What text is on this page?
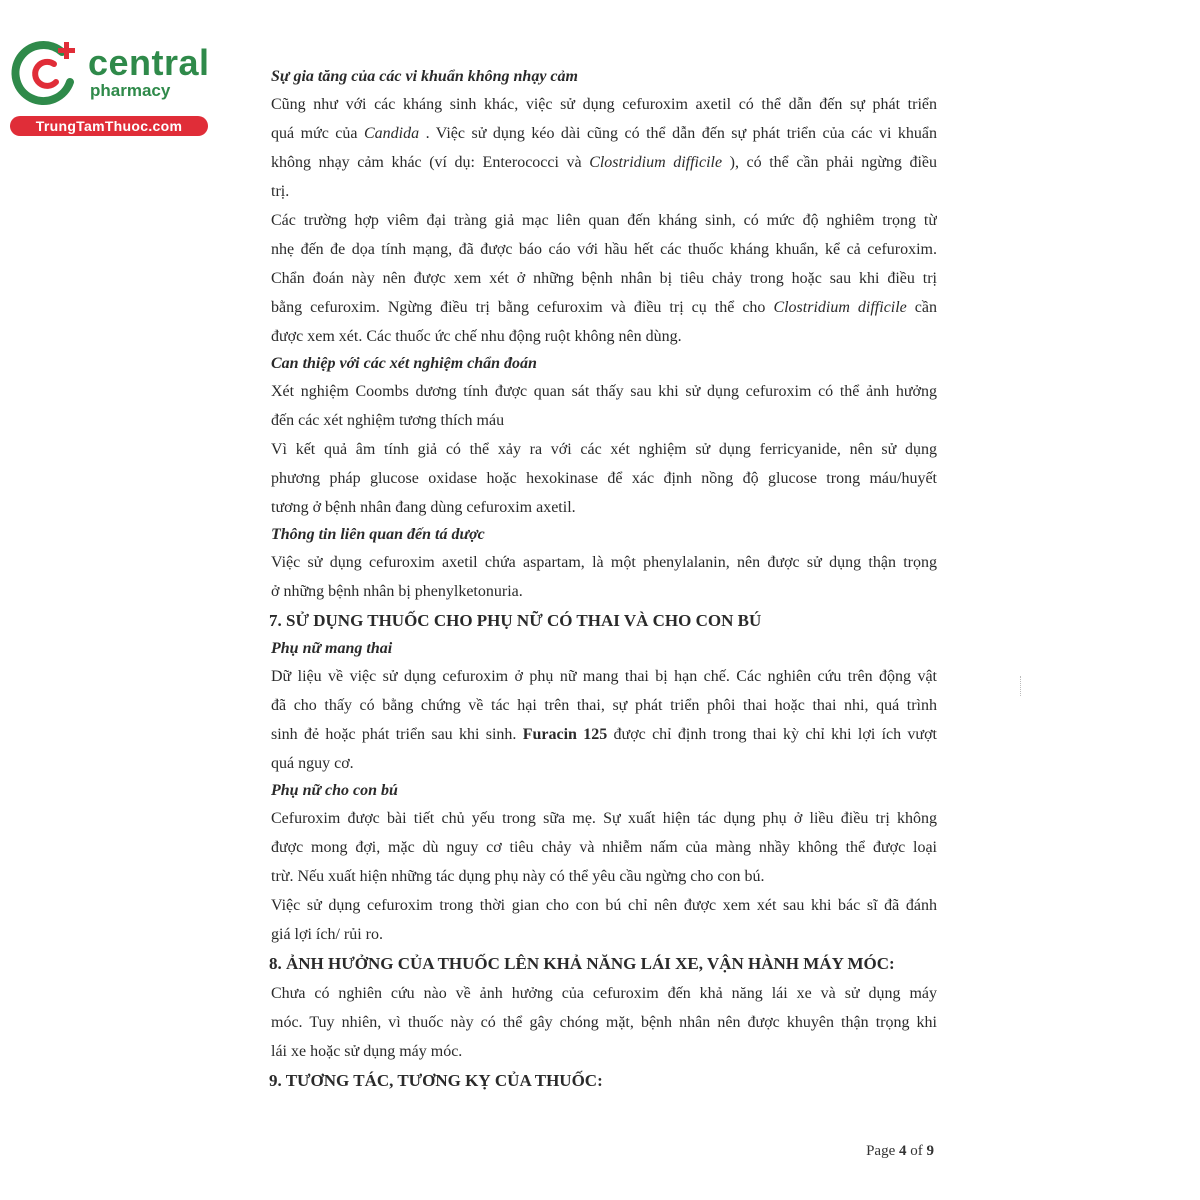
central
pharmacy
TrungTamThuoc.com
Sự gia tăng của các vi khuẩn không nhạy cảm
Cũng như với các kháng sinh khác, việc sử dụng cefuroxim axetil có thể dẫn đến sự phát triển
quá mức của Candida . Việc sử dụng kéo dài cũng có thể dẫn đến sự phát triển của các vi khuẩn
không nhạy cảm khác (ví dụ: Enterococci và Clostridium difficile ), có thể cần phải ngừng điều
trị.
Các trường hợp viêm đại tràng giả mạc liên quan đến kháng sinh, có mức độ nghiêm trọng từ
nhẹ đến đe dọa tính mạng, đã được báo cáo với hầu hết các thuốc kháng khuẩn, kể cả cefuroxim.
Chẩn đoán này nên được xem xét ở những bệnh nhân bị tiêu chảy trong hoặc sau khi điều trị
bằng cefuroxim. Ngừng điều trị bằng cefuroxim và điều trị cụ thể cho Clostridium difficile cần
được xem xét. Các thuốc ức chế nhu động ruột không nên dùng.
Can thiệp với các xét nghiệm chẩn đoán
Xét nghiệm Coombs dương tính được quan sát thấy sau khi sử dụng cefuroxim có thể ảnh hưởng
đến các xét nghiệm tương thích máu
Vì kết quả âm tính giả có thể xảy ra với các xét nghiệm sử dụng ferricyanide, nên sử dụng
phương pháp glucose oxidase hoặc hexokinase để xác định nồng độ glucose trong máu/huyết
tương ở bệnh nhân đang dùng cefuroxim axetil.
Thông tin liên quan đến tá dược
Việc sử dụng cefuroxim axetil chứa aspartam, là một phenylalanin, nên được sử dụng thận trọng
ở những bệnh nhân bị phenylketonuria.
7. SỬ DỤNG THUỐC CHO PHỤ NỮ CÓ THAI VÀ CHO CON BÚ
Phụ nữ mang thai
Dữ liệu về việc sử dụng cefuroxim ở phụ nữ mang thai bị hạn chế. Các nghiên cứu trên động vật
đã cho thấy có bằng chứng về tác hại trên thai, sự phát triển phôi thai hoặc thai nhi, quá trình
sinh đẻ hoặc phát triển sau khi sinh. Furacin 125 được chỉ định trong thai kỳ chỉ khi lợi ích vượt
quá nguy cơ.
Phụ nữ cho con bú
Cefuroxim được bài tiết chủ yếu trong sữa mẹ. Sự xuất hiện tác dụng phụ ở liều điều trị không
được mong đợi, mặc dù nguy cơ tiêu chảy và nhiễm nấm của màng nhầy không thể được loại
trừ. Nếu xuất hiện những tác dụng phụ này có thể yêu cầu ngừng cho con bú.
Việc sử dụng cefuroxim trong thời gian cho con bú chỉ nên được xem xét sau khi bác sĩ đã đánh
giá lợi ích/ rủi ro.
8. ẢNH HƯỞNG CỦA THUỐC LÊN KHẢ NĂNG LÁI XE, VẬN HÀNH MÁY MÓC:
Chưa có nghiên cứu nào về ảnh hưởng của cefuroxim đến khả năng lái xe và sử dụng máy
móc. Tuy nhiên, vì thuốc này có thể gây chóng mặt, bệnh nhân nên được khuyên thận trọng khi
lái xe hoặc sử dụng máy móc.
9. TƯƠNG TÁC, TƯƠNG KỴ CỦA THUỐC:
Page 4 of 9
